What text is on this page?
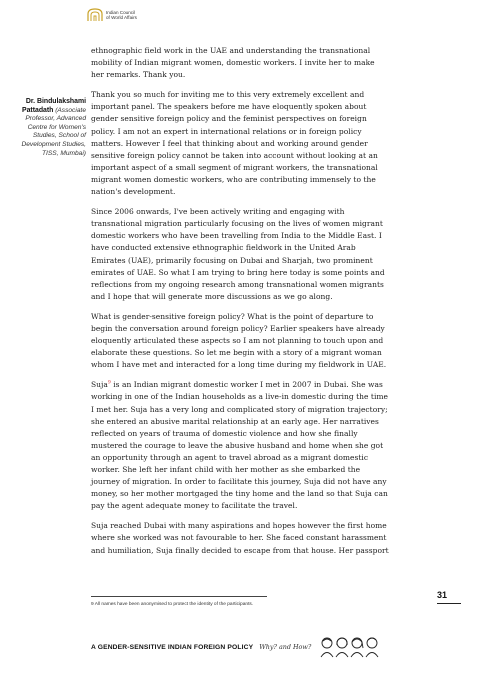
Indian Council
of World Affairs
Dr. Bindulakshami
Pattadath (Associate
Professor, Advanced
Centre for Women's
Studies, School of
Development Studies,
TISS, Mumbai)

ethnographic field work in the UAE and understanding the transnational mobility of Indian migrant women, domestic workers. I invite her to make her remarks. Thank you.

Thank you so much for inviting me to this very extremely excellent and important panel. The speakers before me have eloquently spoken about gender sensitive foreign policy and the feminist perspectives on foreign policy. I am not an expert in international relations or in foreign policy matters. However I feel that thinking about and working around gender sensitive foreign policy cannot be taken into account without looking at an important aspect of a small segment of migrant workers, the transnational migrant women domestic workers, who are contributing immensely to the nation's development.

Since 2006 onwards, I've been actively writing and engaging with transnational migration particularly focusing on the lives of women migrant domestic workers who have been travelling from India to the Middle East. I have conducted extensive ethnographic fieldwork in the United Arab Emirates (UAE), primarily focusing on Dubai and Sharjah, two prominent emirates of UAE. So what I am trying to bring here today is some points and reflections from my ongoing research among transnational women migrants and I hope that will generate more discussions as we go along.

What is gender-sensitive foreign policy? What is the point of departure to begin the conversation around foreign policy? Earlier speakers have already eloquently articulated these aspects so I am not planning to touch upon and elaborate these questions. So let me begin with a story of a migrant woman whom I have met and interacted for a long time during my fieldwork in UAE.

Suja$^9$ is an Indian migrant domestic worker I met in 2007 in Dubai. She was working in one of the Indian households as a live-in domestic during the time I met her. Suja has a very long and complicated story of migration trajectory; she entered an abusive marital relationship at an early age. Her narratives reflected on years of trauma of domestic violence and how she finally mustered the courage to leave the abusive husband and home when she got an opportunity through an agent to travel abroad as a migrant domestic worker. She left her infant child with her mother as she embarked the journey of migration. In order to facilitate this journey, Suja did not have any money, so her mother mortgaged the tiny home and the land so that Suja can pay the agent adequate money to facilitate the travel.

Suja reached Dubai with many aspirations and hopes however the first home where she worked was not favourable to her. She faced constant harassment and humiliation, Suja finally decided to escape from that house. Her passport

9 All names have been anonymised to protect the identity of the participants.
31
A GENDER-SENSITIVE INDIAN FOREIGN POLICY Why? and How?
